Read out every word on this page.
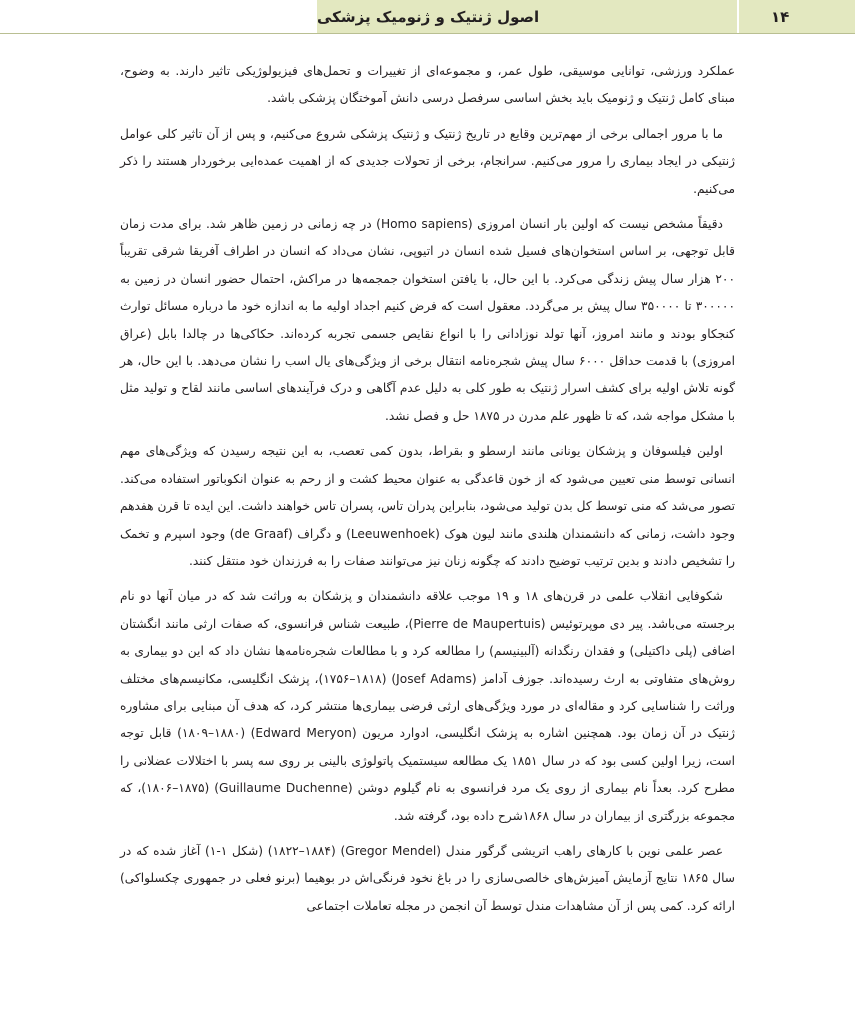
اصول ژنتیک و ژنومیک پزشکی	۱۴

عملکرد ورزشی، توانایی موسیقی، طول عمر، و مجموعه‌ای از تغییرات و تحمل‌های فیزیولوژیکی تاثیر دارند. به وضوح، مبنای کامل ژنتیک و ژنومیک باید بخش اساسی سرفصل درسی دانش آموختگان پزشکی باشد.

ما با مرور اجمالی برخی از مهم‌ترین وقایع در تاریخ ژنتیک و ژنتیک پزشکی شروع می‌کنیم، و پس از آن تاثیر کلی عوامل ژنتیکی در ایجاد بیماری را مرور می‌کنیم. سرانجام، برخی از تحولات جدیدی که از اهمیت عمده‌ایی برخوردار هستند را ذکر می‌کنیم.

دقیقاً مشخص نیست که اولین بار انسان امروزی (Homo sapiens) در چه زمانی در زمین ظاهر شد. برای مدت زمان قابل توجهی، بر اساس استخوان‌های فسیل شده انسان در اتیوپی، نشان می‌داد که انسان در اطراف آفریقا شرقی تقریباً ۲۰۰ هزار سال پیش زندگی می‌کرد. با این حال، با یافتن استخوان جمجمه‌ها در مراکش، احتمال حضور انسان در زمین به ۳۰۰۰۰۰ تا ۳۵۰۰۰۰ سال پیش بر می‌گردد. معقول است که فرض کنیم اجداد اولیه ما به اندازه خود ما درباره مسائل توارث کنجکاو بودند و مانند امروز، آنها تولد نوزادانی را با انواع نقایص جسمی تجربه کرده‌اند. حکاکی‌ها در چالدا بابل (عراق امروزی) با قدمت حداقل ۶۰۰۰ سال پیش شجره‌نامه انتقال برخی از ویژگی‌های یال اسب را نشان می‌دهد. با این حال، هر گونه تلاش اولیه برای کشف اسرار ژنتیک به طور کلی به دلیل عدم آگاهی و درک فرآیندهای اساسی مانند لقاح و تولید مثل با مشکل مواجه شد، که تا ظهور علم مدرن در ۱۸۷۵ حل و فصل نشد.

اولین فیلسوفان و پزشکان یونانی مانند ارسطو و بقراط، بدون کمی تعصب، به این نتیجه رسیدن که ویژگی‌های مهم انسانی توسط منی تعیین می‌شود که از خون قاعدگی به عنوان محیط کشت و از رحم به عنوان انکوباتور استفاده می‌کند. تصور می‌شد که منی توسط کل بدن تولید می‌شود، بنابراین پدران تاس، پسران تاس خواهند داشت. این ایده تا قرن هفدهم وجود داشت، زمانی که دانشمندان هلندی مانند لیون هوک (Leeuwenhoek) و دگراف (de Graaf) وجود اسپرم و تخمک را تشخیص دادند و بدین ترتیب توضیح دادند که چگونه زنان نیز می‌توانند صفات را به فرزندان خود منتقل کنند.

شکوفایی انقلاب علمی در قرن‌های ۱۸ و ۱۹ موجب علاقه دانشمندان و پزشکان به وراثت شد که در میان آنها دو نام برجسته می‌باشد. پیر دی موپرتوئیس (Pierre de Maupertuis)، طبیعت شناس فرانسوی، که صفات ارثی مانند انگشتان اضافی (پلی داکتیلی) و فقدان رنگدانه (آلبینیسم) را مطالعه کرد و با مطالعات شجره‌نامه‌ها نشان داد که این دو بیماری به روش‌های متفاوتی به ارث رسیده‌اند. جوزف آدامز (Josef Adams) (۱۷۵۶–۱۸۱۸)، پزشک انگلیسی، مکانیسم‌های مختلف وراثت را شناسایی کرد و مقاله‌ای در مورد ویژگی‌های ارثی فرضی بیماری‌ها منتشر کرد، که هدف آن مبنایی برای مشاوره ژنتیک در آن زمان بود. همچنین اشاره به پزشک انگلیسی، ادوارد مریون (Edward Meryon) (۱۸۰۹–۱۸۸۰) قابل توجه است، زیرا اولین کسی بود که در سال ۱۸۵۱ یک مطالعه سیستمیک پاتولوژی بالینی بر روی سه پسر با اختلالات عضلانی را مطرح کرد. بعداً نام بیماری از روی یک مرد فرانسوی به نام گیلوم دوشن (Guillaume Duchenne) (۱۸۰۶–۱۸۷۵)، که مجموعه بزرگتری از بیماران در سال ۱۸۶۸شرح داده بود، گرفته شد.

عصر علمی نوین با کارهای راهب اتریشی گرگور مندل (Gregor Mendel) (۱۸۲۲–۱۸۸۴) (شکل ۱-۱) آغاز شده که در سال ۱۸۶۵ نتایج آزمایش آمیزش‌های خالصی‌سازی را در باغ نخود فرنگی‌اش در بوهیما (برنو فعلی در جمهوری چکسلواکی) ارائه کرد. کمی پس از آن مشاهدات مندل توسط آن انجمن در مجله تعاملات اجتماعی
